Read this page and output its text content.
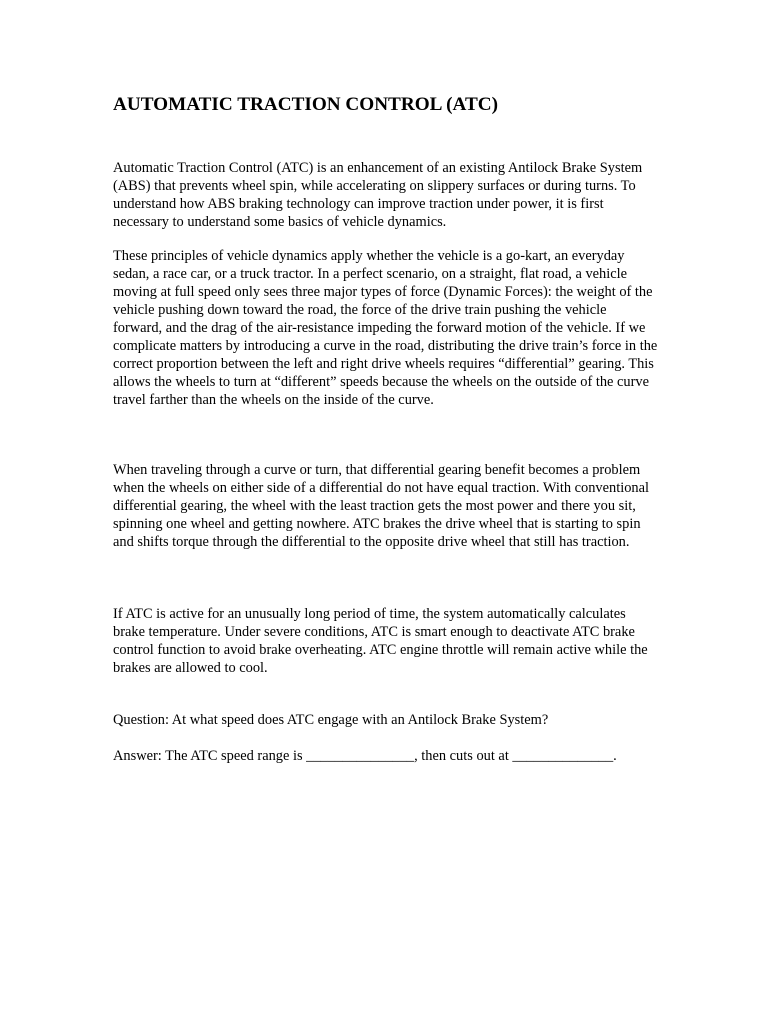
AUTOMATIC TRACTION CONTROL (ATC)

Automatic Traction Control (ATC) is an enhancement of an existing Antilock Brake System (ABS) that prevents wheel spin, while accelerating on slippery surfaces or during turns. To understand how ABS braking technology can improve traction under power, it is first necessary to understand some basics of vehicle dynamics.

These principles of vehicle dynamics apply whether the vehicle is a go-kart, an everyday sedan, a race car, or a truck tractor. In a perfect scenario, on a straight, flat road, a vehicle moving at full speed only sees three major types of force (Dynamic Forces): the weight of the vehicle pushing down toward the road, the force of the drive train pushing the vehicle forward, and the drag of the air-resistance impeding the forward motion of the vehicle. If we complicate matters by introducing a curve in the road, distributing the drive train’s force in the correct proportion between the left and right drive wheels requires “differential” gearing. This allows the wheels to turn at “different” speeds because the wheels on the outside of the curve travel farther than the wheels on the inside of the curve.

When traveling through a curve or turn, that differential gearing benefit becomes a problem when the wheels on either side of a differential do not have equal traction. With conventional differential gearing, the wheel with the least traction gets the most power and there you sit, spinning one wheel and getting nowhere. ATC brakes the drive wheel that is starting to spin and shifts torque through the differential to the opposite drive wheel that still has traction.

If ATC is active for an unusually long period of time, the system automatically calculates brake temperature. Under severe conditions, ATC is smart enough to deactivate ATC brake control function to avoid brake overheating. ATC engine throttle will remain active while the brakes are allowed to cool.

Question: At what speed does ATC engage with an Antilock Brake System?

Answer: The ATC speed range is _______________, then cuts out at ______________.
